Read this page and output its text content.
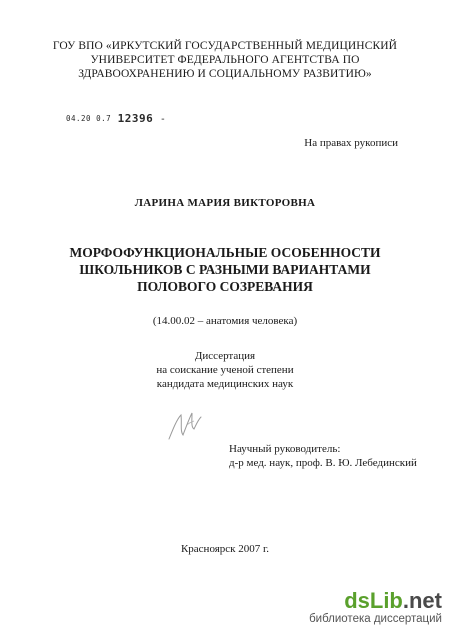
ГОУ ВПО «ИРКУТСКИЙ ГОСУДАРСТВЕННЫЙ МЕДИЦИНСКИЙ
УНИВЕРСИТЕТ ФЕДЕРАЛЬНОГО АГЕНТСТВА ПО
ЗДРАВООХРАНЕНИЮ И СОЦИАЛЬНОМУ РАЗВИТИЮ»
04.20 0.7 12396 -
На правах рукописи
ЛАРИНА МАРИЯ ВИКТОРОВНА
МОРФОФУНКЦИОНАЛЬНЫЕ ОСОБЕННОСТИ
ШКОЛЬНИКОВ С РАЗНЫМИ ВАРИАНТАМИ
ПОЛОВОГО СОЗРЕВАНИЯ
(14.00.02 – анатомия человека)
Диссертация
на соискание ученой степени
кандидата медицинских наук
Научный руководитель:
д-р мед. наук, проф. В. Ю. Лебединский
Красноярск 2007 г.
dsLib.net
библиотека диссертаций
